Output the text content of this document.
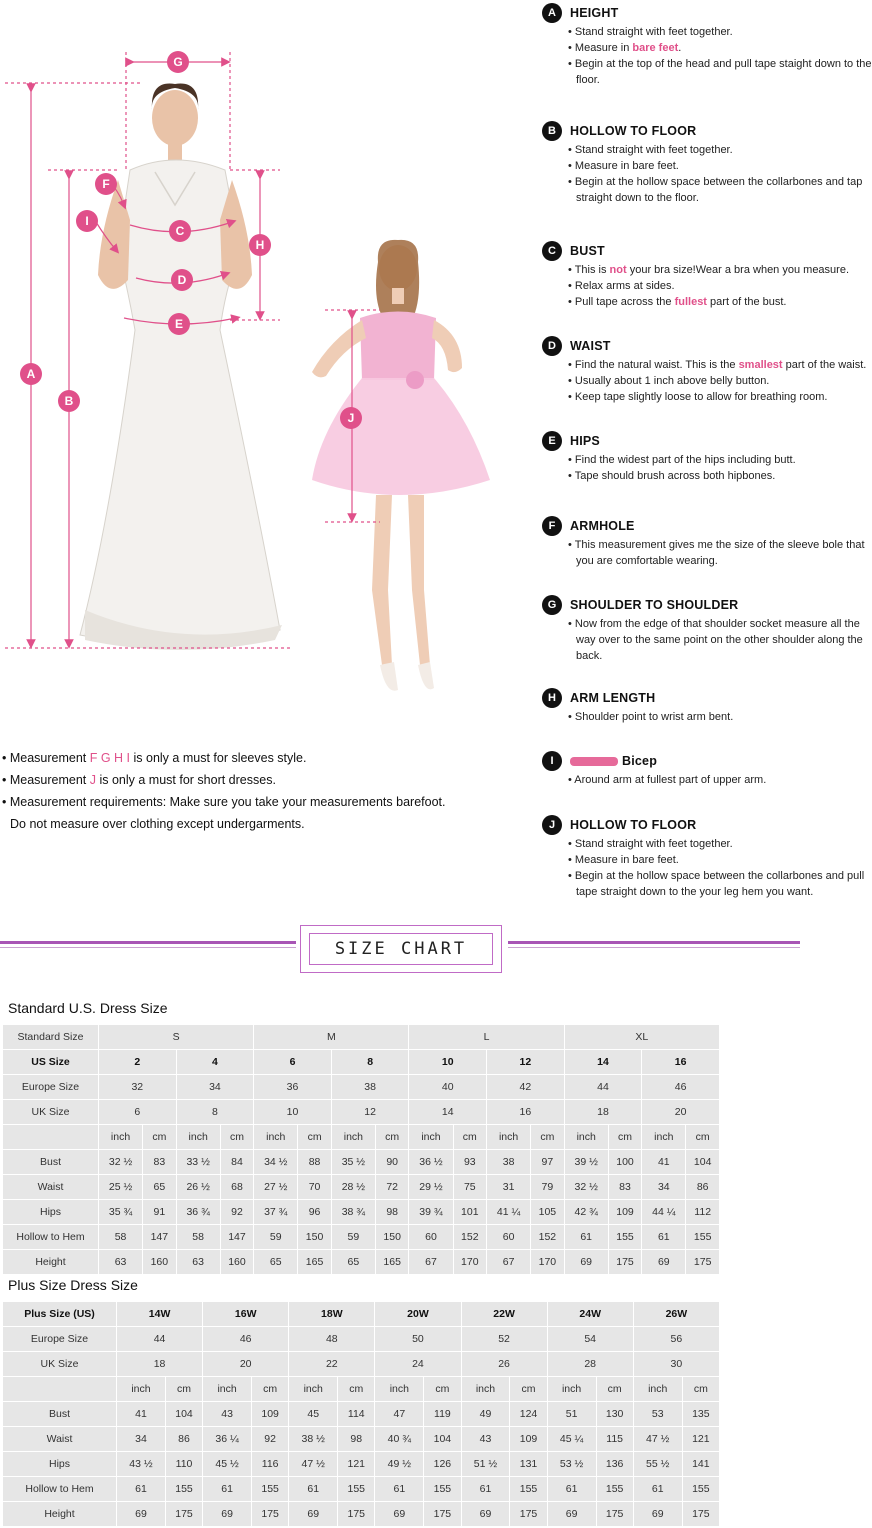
G
F
I
C
H
D
E
A
B
J
• Measurement F G H I is only a must for sleeves style.
• Measurement J is only a must for short dresses.
• Measurement requirements: Make sure you take your measurements barefoot.
Do not measure over clothing except undergarments.
A	HEIGHT
• Stand straight with feet together.
• Measure in bare feet.
• Begin at the top of the head and pull tape staight down to the floor.
B	HOLLOW TO FLOOR
• Stand straight with feet together.
• Measure in bare feet.
• Begin at the hollow space between the collarbones and tap straight down to the floor.
C	BUST
• This is not your bra size!Wear a bra when you measure.
• Relax arms at sides.
• Pull tape across the fullest part of the bust.
D	WAIST
• Find the natural waist. This is the smallest part of the waist.
• Usually about 1 inch above belly button.
• Keep tape slightly loose to allow for breathing room.
E	HIPS
• Find the widest part of the hips including butt.
• Tape should brush across both hipbones.
F	ARMHOLE
• This measurement gives me the size of the sleeve bole that you are comfortable wearing.
G	SHOULDER TO SHOULDER
• Now from the edge of that shoulder socket measure all the way over to the same point on the other shoulder along the back.
H	ARM LENGTH
• Shoulder point to wrist arm bent.
I	Bicep
• Around arm at fullest part of upper arm.
J	HOLLOW TO FLOOR
• Stand straight with feet together.
• Measure in bare feet.
• Begin at the hollow space between the collarbones and pull tape straight down to the your leg hem you want.
SIZE CHART
Standard U.S. Dress Size
Standard Size	S				M				L				XL			
US Size	2		4		6		8		10		12		14		16	
Europe Size	32		34		36		38		40		42		44		46	
UK Size	6		8		10		12		14		16		18		20	
	inch	cm	inch	cm	inch	cm	inch	cm	inch	cm	inch	cm	inch	cm	inch	cm
Bust	32 ½	83	33 ½	84	34 ½	88	35 ½	90	36 ½	93	38	97	39 ½	100	41	104
Waist	25 ½	65	26 ½	68	27 ½	70	28 ½	72	29 ½	75	31	79	32 ½	83	34	86
Hips	35 ¾	91	36 ¾	92	37 ¾	96	38 ¾	98	39 ¾	101	41 ¼	105	42 ¾	109	44 ¼	112
Hollow to Hem	58	147	58	147	59	150	59	150	60	152	60	152	61	155	61	155
Height	63	160	63	160	65	165	65	165	67	170	67	170	69	175	69	175
Plus Size Dress Size
Plus Size (US)	14W		16W		18W		20W		22W		24W		26W	
Europe Size	44		46		48		50		52		54		56	
UK Size	18		20		22		24		26		28		30	
	inch	cm	inch	cm	inch	cm	inch	cm	inch	cm	inch	cm	inch	cm
Bust	41	104	43	109	45	114	47	119	49	124	51	130	53	135
Waist	34	86	36 ¼	92	38 ½	98	40 ¾	104	43	109	45 ¼	115	47 ½	121
Hips	43 ½	110	45 ½	116	47 ½	121	49 ½	126	51 ½	131	53 ½	136	55 ½	141
Hollow to Hem	61	155	61	155	61	155	61	155	61	155	61	155	61	155
Height	69	175	69	175	69	175	69	175	69	175	69	175	69	175
